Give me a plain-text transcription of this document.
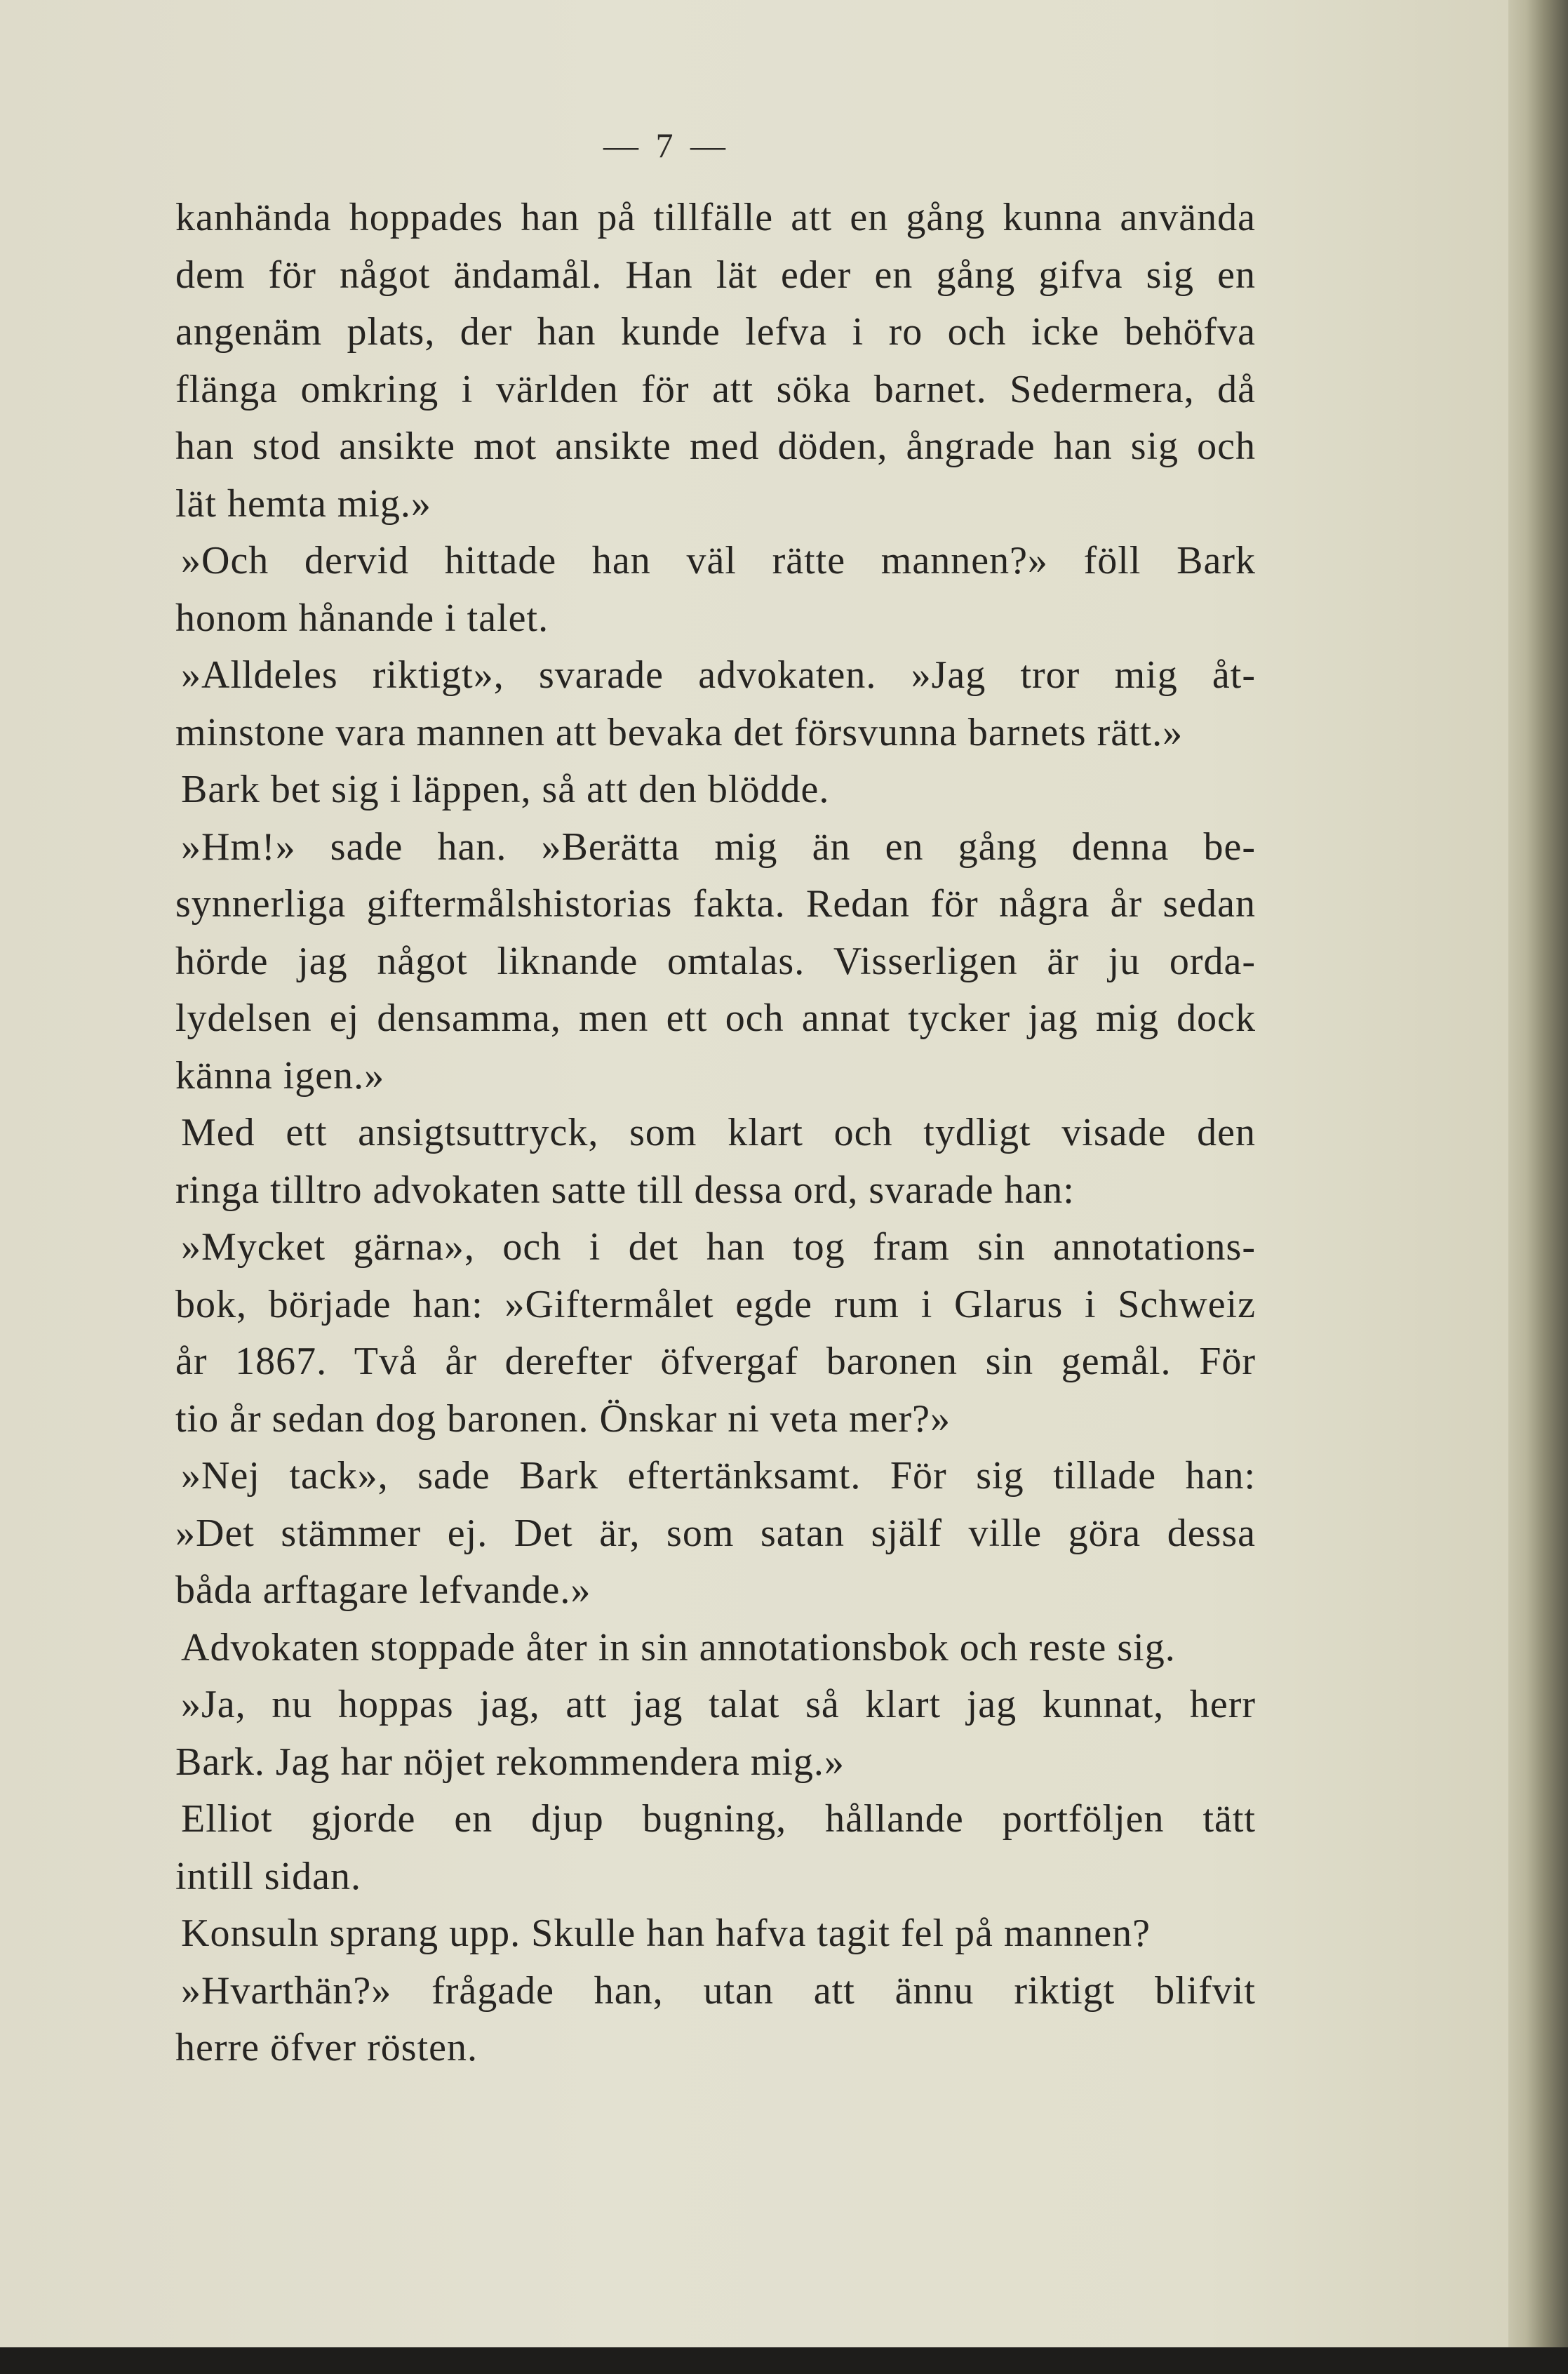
— 7 —
kanhända hoppades han på tillfälle att en gång kunna använda
dem för något ändamål. Han lät eder en gång gifva sig en
angenäm plats, der han kunde lefva i ro och icke behöfva
flänga omkring i världen för att söka barnet. Sedermera, då
han stod ansikte mot ansikte med döden, ångrade han sig och
lät hemta mig.»
»Och dervid hittade han väl rätte mannen?» föll Bark
honom hånande i talet.
»Alldeles riktigt», svarade advokaten. »Jag tror mig åt-
minstone vara mannen att bevaka det försvunna barnets rätt.»
Bark bet sig i läppen, så att den blödde.
»Hm!» sade han. »Berätta mig än en gång denna be-
synnerliga giftermålshistorias fakta. Redan för några år sedan
hörde jag något liknande omtalas. Visserligen är ju orda-
lydelsen ej densamma, men ett och annat tycker jag mig dock
känna igen.»
Med ett ansigtsuttryck, som klart och tydligt visade den
ringa tilltro advokaten satte till dessa ord, svarade han:
»Mycket gärna», och i det han tog fram sin annotations-
bok, började han: »Giftermålet egde rum i Glarus i Schweiz
år 1867. Två år derefter öfvergaf baronen sin gemål. För
tio år sedan dog baronen. Önskar ni veta mer?»
»Nej tack», sade Bark eftertänksamt. För sig tillade han:
»Det stämmer ej. Det är, som satan själf ville göra dessa
båda arftagare lefvande.»
Advokaten stoppade åter in sin annotationsbok och reste sig.
»Ja, nu hoppas jag, att jag talat så klart jag kunnat, herr
Bark. Jag har nöjet rekommendera mig.»
Elliot gjorde en djup bugning, hållande portföljen tätt
intill sidan.
Konsuln sprang upp. Skulle han hafva tagit fel på mannen?
»Hvarthän?» frågade han, utan att ännu riktigt blifvit
herre öfver rösten.
